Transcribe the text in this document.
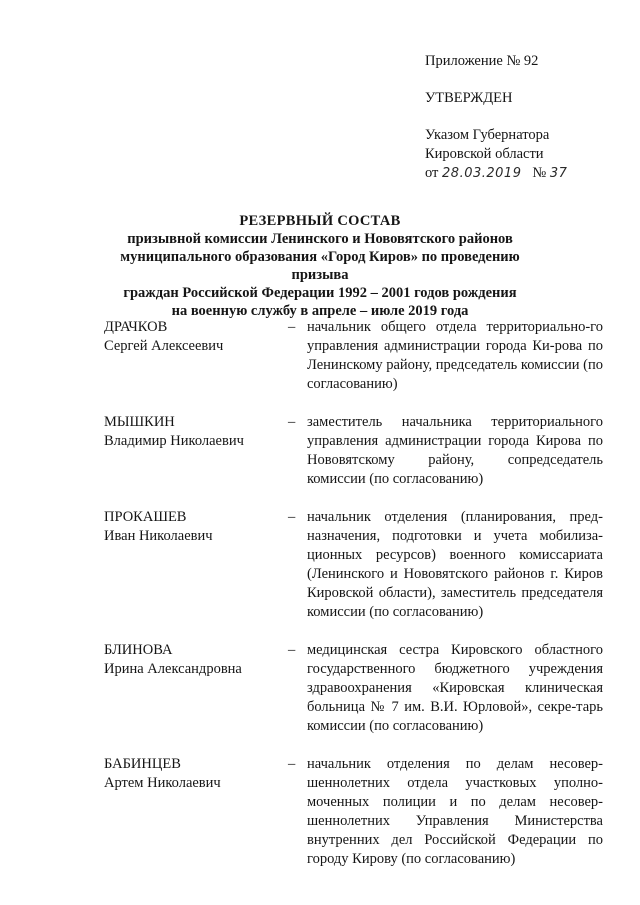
Приложение № 92
УТВЕРЖДЕН
Указом Губернатора
Кировской области
от 28.03.2019 № 37
РЕЗЕРВНЫЙ СОСТАВ
призывной комиссии Ленинского и Нововятского районов
муниципального образования «Город Киров» по проведению призыва
граждан Российской Федерации 1992 – 2001 годов рождения
на военную службу в апреле – июле 2019 года
ДРАЧКОВ
Сергей Алексеевич
– начальник общего отдела территориально-го управления администрации города Ки-рова по Ленинскому району, председатель комиссии (по согласованию)
МЫШКИН
Владимир Николаевич
– заместитель начальника территориального управления администрации города Кирова по Нововятскому району, сопредседатель комиссии (по согласованию)
ПРОКАШЕВ
Иван Николаевич
– начальник отделения (планирования, пред-назначения, подготовки и учета мобилиза-ционных ресурсов) военного комиссариата (Ленинского и Нововятского районов г. Киров Кировской области), заместитель председателя комиссии (по согласованию)
БЛИНОВА
Ирина Александровна
– медицинская сестра Кировского областного государственного бюджетного учреждения здравоохранения «Кировская клиническая больница № 7 им. В.И. Юрловой», секре-тарь комиссии (по согласованию)
БАБИНЦЕВ
Артем Николаевич
– начальник отделения по делам несовер-шеннолетних отдела участковых уполно-моченных полиции и по делам несовер-шеннолетних Управления Министерства внутренних дел Российской Федерации по городу Кирову (по согласованию)
